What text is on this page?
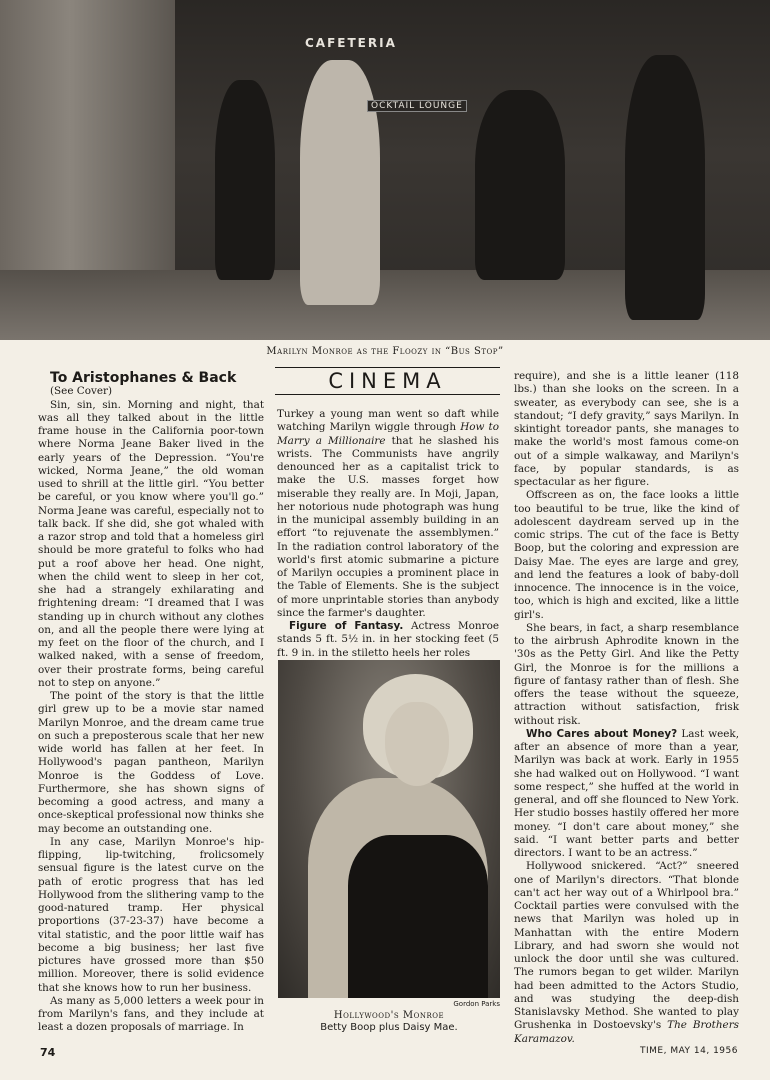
CAFETERIA
OCKTAIL LOUNGE
Marilyn Monroe as the Floozy in “Bus Stop”
CINEMA

To Aristophanes & Back

(See Cover)

Sin, sin, sin. Morning and night, that was all they talked about in the little frame house in the California poor-town where Norma Jeane Baker lived in the early years of the Depression. “You're wicked, Norma Jeane,” the old woman used to shrill at the little girl. “You better be careful, or you know where you'll go.” Norma Jeane was careful, especially not to talk back. If she did, she got whaled with a razor strop and told that a homeless girl should be more grateful to folks who had put a roof above her head. One night, when the child went to sleep in her cot, she had a strangely exhilarating and frightening dream: “I dreamed that I was standing up in church without any clothes on, and all the people there were lying at my feet on the floor of the church, and I walked naked, with a sense of freedom, over their prostrate forms, being careful not to step on anyone.”

The point of the story is that the little girl grew up to be a movie star named Marilyn Monroe, and the dream came true on such a preposterous scale that her new wide world has fallen at her feet. In Hollywood's pagan pantheon, Marilyn Monroe is the Goddess of Love. Furthermore, she has shown signs of becoming a good actress, and many a once-skeptical professional now thinks she may become an outstanding one.

In any case, Marilyn Monroe's hip-flipping, lip-twitching, frolicsomely sensual figure is the latest curve on the path of erotic progress that has led Hollywood from the slithering vamp to the good-natured tramp. Her physical proportions (37-23-37) have become a vital statistic, and the poor little waif has become a big business; her last five pictures have grossed more than $50 million. Moreover, there is solid evidence that she knows how to run her business.

As many as 5,000 letters a week pour in from Marilyn's fans, and they include at least a dozen proposals of marriage. In

Turkey a young man went so daft while watching Marilyn wiggle through How to Marry a Millionaire that he slashed his wrists. The Communists have angrily denounced her as a capitalist trick to make the U.S. masses forget how miserable they really are. In Moji, Japan, her notorious nude photograph was hung in the municipal assembly building in an effort “to rejuvenate the assemblymen.” In the radiation control laboratory of the world's first atomic submarine a picture of Marilyn occupies a prominent place in the Table of Elements. She is the subject of more unprintable stories than anybody since the farmer's daughter.

Figure of Fantasy. Actress Monroe stands 5 ft. 5½ in. in her stocking feet (5 ft. 9 in. in the stiletto heels her roles

Gordon Parks
Hollywood's Monroe
Betty Boop plus Daisy Mae.

require), and she is a little leaner (118 lbs.) than she looks on the screen. In a sweater, as everybody can see, she is a standout; “I defy gravity,” says Marilyn. In skintight toreador pants, she manages to make the world's most famous come-on out of a simple walkaway, and Marilyn's face, by popular standards, is as spectacular as her figure.

Offscreen as on, the face looks a little too beautiful to be true, like the kind of adolescent daydream served up in the comic strips. The cut of the face is Betty Boop, but the coloring and expression are Daisy Mae. The eyes are large and grey, and lend the features a look of baby-doll innocence. The innocence is in the voice, too, which is high and excited, like a little girl's.

She bears, in fact, a sharp resemblance to the airbrush Aphrodite known in the '30s as the Petty Girl. And like the Petty Girl, the Monroe is for the millions a figure of fantasy rather than of flesh. She offers the tease without the squeeze, attraction without satisfaction, frisk without risk.

Who Cares about Money? Last week, after an absence of more than a year, Marilyn was back at work. Early in 1955 she had walked out on Hollywood. “I want some respect,” she huffed at the world in general, and off she flounced to New York. Her studio bosses hastily offered her more money. “I don't care about money,” she said. “I want better parts and better directors. I want to be an actress.”

Hollywood snickered. “Act?” sneered one of Marilyn's directors. “That blonde can't act her way out of a Whirlpool bra.” Cocktail parties were convulsed with the news that Marilyn was holed up in Manhattan with the entire Modern Library, and had sworn she would not unlock the door until she was cultured. The rumors began to get wilder. Marilyn had been admitted to the Actors Studio, and was studying the deep-dish Stanislavsky Method. She wanted to play Grushenka in Dostoevsky's The Brothers Karamazov.

74	TIME, MAY 14, 1956
